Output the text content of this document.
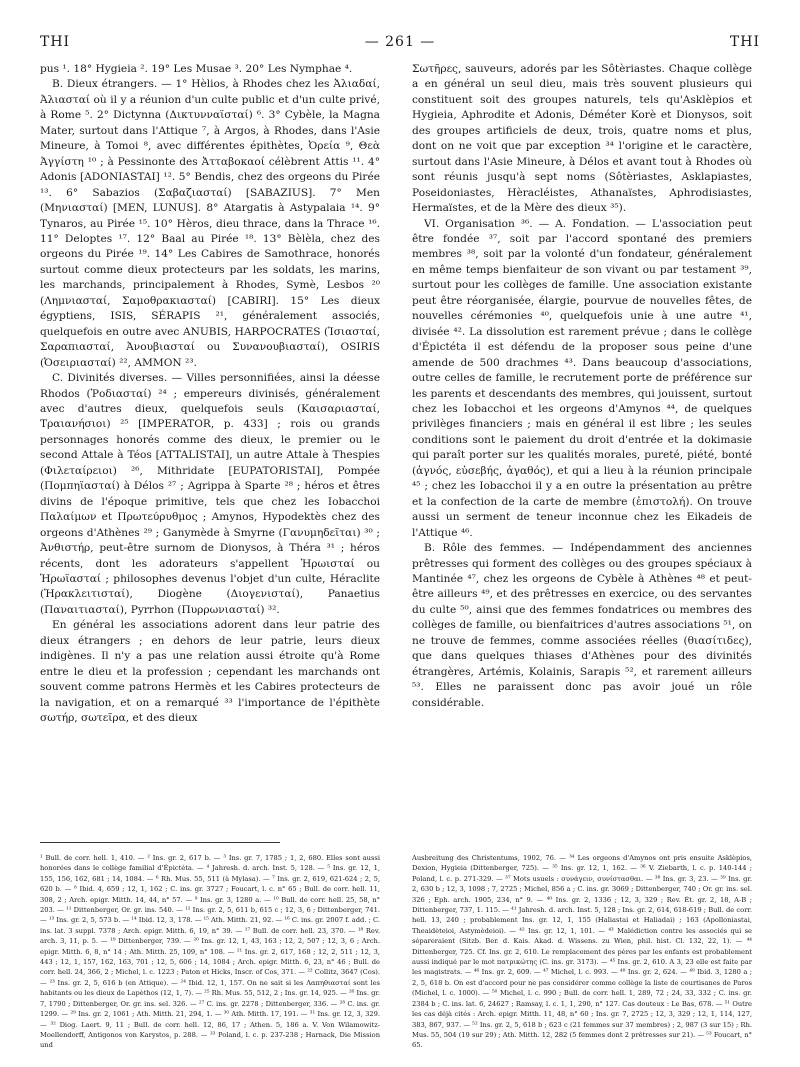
THI	— 261 —	THI

pus ¹. 18° Hygieia ². 19° Les Musae ³. 20° Les Nymphae ⁴.

B. Dieux étrangers. — 1° Hèlios, à Rhodes chez les Ἀλιαδαί, Ἀλιασταί où il y a réunion d'un culte public et d'un culte privé, à Rome ⁵. 2° Dictynna (Δικτυνναϊσταί) ⁶. 3° Cybèle, la Magna Mater, surtout dans l'Attique ⁷, à Argos, à Rhodes, dans l'Asie Mineure, à Tomoi ⁸, avec différentes épithètes, Ὀρεία ⁹, Θεὰ Ἀγγίστη ¹⁰ ; à Pessinonte des Ἀτταβοκαοί célèbrent Attis ¹¹. 4° Adonis [ADONIASTAI] ¹². 5° Bendis, chez des orgeons du Pirée ¹³. 6° Sabazios (Σαβαζιασταί) [SABAZIUS]. 7° Men (Μηνιασταί) [MEN, LUNUS]. 8° Atargatis à Astypalaia ¹⁴. 9° Tynaros, au Pirée ¹⁵. 10° Hèros, dieu thrace, dans la Thrace ¹⁶. 11° Deloptes ¹⁷. 12° Baal au Pirée ¹⁸. 13° Bèlèla, chez des orgeons du Pirée ¹⁹. 14° Les Cabires de Samothrace, honorés surtout comme dieux protecteurs par les soldats, les marins, les marchands, principalement à Rhodes, Symè, Lesbos ²⁰ (Λημνιασταί, Σαμοθρακιασταί) [CABIRI]. 15° Les dieux égyptiens, ISIS, SÉRAPIS ²¹, généralement associés, quelquefois en outre avec ANUBIS, HARPOCRATES (Ἰσιασταί, Σαραπιασταί, Ἀνουβιασταί ou Συνανουβιασταί), OSIRIS (Ὀσειριασταί) ²², AMMON ²³.

C. Divinités diverses. — Villes personnifiées, ainsi la déesse Rhodos (Ῥοδιασταί) ²⁴ ; empereurs divinisés, généralement avec d'autres dieux, quelquefois seuls (Καισαριασταί, Τραιανήσιοι) ²⁵ [IMPERATOR, p. 433] ; rois ou grands personnages honorés comme des dieux, le premier ou le second Attale à Téos [ATTALISTAI], un autre Attale à Thespies (Φιλεταίρειοι) ²⁶, Mithridate [EUPATORISTAI], Pompée (Πομπηϊασταί) à Délos ²⁷ ; Agrippa à Sparte ²⁸ ; héros et êtres divins de l'époque primitive, tels que chez les Iobacchoi Παλαίμων et Πρωτεύρυθμος ; Amynos, Hypodektès chez des orgeons d'Athènes ²⁹ ; Ganymède à Smyrne (Γανυμηδεῖται) ³⁰ ; Ἀνθιστήρ, peut-être surnom de Dionysos, à Théra ³¹ ; héros récents, dont les adorateurs s'appellent Ἡρωισταί ou Ἡρωϊασταί ; philosophes devenus l'objet d'un culte, Héraclite (Ἡρακλειτισταί), Diogène (Διογενισταί), Panaetius (Παναιτιασταί), Pyrrhon (Πυρρωνιασταί) ³².

En général les associations adorent dans leur patrie des dieux étrangers ; en dehors de leur patrie, leurs dieux indigènes. Il n'y a pas une relation aussi étroite qu'à Rome entre le dieu et la profession ; cependant les marchands ont souvent comme patrons Hermès et les Cabires protecteurs de la navigation, et on a remarqué ³³ l'importance de l'épithète σωτήρ, σωτεῖρα, et des dieux

Σωτῆρες, sauveurs, adorés par les Sôtèriastes. Chaque collège a en général un seul dieu, mais très souvent plusieurs qui constituent soit des groupes naturels, tels qu'Asklèpios et Hygieia, Aphrodite et Adonis, Déméter Korè et Dionysos, soit des groupes artificiels de deux, trois, quatre noms et plus, dont on ne voit que par exception ³⁴ l'origine et le caractère, surtout dans l'Asie Mineure, à Délos et avant tout à Rhodes où sont réunis jusqu'à sept noms (Sôtèriastes, Asklapiastes, Poseidoniastes, Hèracléistes, Athanaïstes, Aphrodisiastes, Hermaïstes, et de la Mère des dieux ³⁵).

VI. Organisation ³⁶. — A. Fondation. — L'association peut être fondée ³⁷, soit par l'accord spontané des premiers membres ³⁸, soit par la volonté d'un fondateur, généralement en même temps bienfaiteur de son vivant ou par testament ³⁹, surtout pour les collèges de famille. Une association existante peut être réorganisée, élargie, pourvue de nouvelles fêtes, de nouvelles cérémonies ⁴⁰, quelquefois unie à une autre ⁴¹, divisée ⁴². La dissolution est rarement prévue ; dans le collège d'Épictéta il est défendu de la proposer sous peine d'une amende de 500 drachmes ⁴³. Dans beaucoup d'associations, outre celles de famille, le recrutement porte de préférence sur les parents et descendants des membres, qui jouissent, surtout chez les Iobacchoi et les orgeons d'Amynos ⁴⁴, de quelques privilèges financiers ; mais en général il est libre ; les seules conditions sont le paiement du droit d'entrée et la dokimasie qui paraît porter sur les qualités morales, pureté, piété, bonté (ἁγνός, εὐσεβής, ἀγαθός), et qui a lieu à la réunion principale ⁴⁵ ; chez les Iobacchoi il y a en outre la présentation au prêtre et la confection de la carte de membre (ἐπιστολή). On trouve aussi un serment de teneur inconnue chez les Eikadeis de l'Attique ⁴⁶.

B. Rôle des femmes. — Indépendamment des anciennes prêtresses qui forment des collèges ou des groupes spéciaux à Mantinée ⁴⁷, chez les orgeons de Cybèle à Athènes ⁴⁸ et peut-être ailleurs ⁴⁹, et des prêtresses en exercice, ou des servantes du culte ⁵⁰, ainsi que des femmes fondatrices ou membres des collèges de famille, ou bienfaitrices d'autres associations ⁵¹, on ne trouve de femmes, comme associées réelles (θιασίτιδες), que dans quelques thiases d'Athènes pour des divinités étrangères, Artémis, Kolainis, Sarapis ⁵², et rarement ailleurs ⁵³. Elles ne paraissent donc pas avoir joué un rôle considérable.

¹ Bull. de corr. hell. 1, 410. — ² Ins. gr. 2, 617 b. — ³ Ins. gr. 7, 1785 ; 1, 2, 680. Elles sont aussi honorées dans le collège familial d'Épictéta. — ⁴ Jahresh. d. arch. Inst. 5, 128. — ⁵ Ins. gr. 12, 1, 155, 156, 162, 681 ; 14, 1084. — ⁶ Rh. Mus. 55, 511 (à Mylasa). — ⁷ Ins. gr. 2, 619, 621-624 ; 2, 5, 620 b. — ⁸ Ibid. 4, 659 ; 12, 1, 162 ; C. ins. gr. 3727 ; Foucart, l. c. n° 65 ; Bull. de corr. hell. 11, 308, 2 ; Arch. epigr. Mitth. 14, 44, n° 57. — ⁹ Ins. gr. 3, 1280 a. — ¹⁰ Bull. de corr. hell. 25, 58, n° 203. — ¹¹ Dittenberger, Or. gr. ins. 540. — ¹² Ins. gr. 2, 5, 611 b, 615 c ; 12, 3, 6 ; Dittenberger, 741. — ¹³ Ins. gr. 2, 5, 573 b. — ¹⁴ Ibid. 12, 3, 178. — ¹⁵ Ath. Mitth. 21, 92. — ¹⁶ C. ins. gr. 2007 f. add. ; C. ins. lat. 3 suppl. 7378 ; Arch. epigr. Mitth. 6, 19, n° 39. — ¹⁷ Bull. de corr. hell. 23, 370. — ¹⁸ Rev. arch. 3, 11, p. 5. — ¹⁹ Dittenberger, 739. — ²⁰ Ins. gr. 12, 1, 43, 163 ; 12, 2, 507 ; 12, 3, 6 ; Arch. epigr. Mitth. 6, 8, n° 14 ; Ath. Mitth. 25, 109, n° 108. — ²¹ Ins. gr. 2, 617, 168 ; 12, 2, 511 ; 12, 3, 443 ; 12, 1, 157, 162, 163, 701 ; 12, 5, 606 ; 14, 1084 ; Arch. epigr. Mitth. 6, 23, n° 46 ; Bull. de corr. hell. 24, 366, 2 ; Michel, l. c. 1223 ; Paton et Hicks, Inscr. of Cos, 371. — ²² Collitz, 3647 (Cos). — ²³ Ins. gr. 2, 5, 616 b (en Attique). — ²⁴ Ibid. 12, 1, 157. On ne sait si les Λαπηθιασταί sont les habitants ou les dieux de Lapèthos (12, 1, 7). — ²⁵ Rh. Mus. 55, 512, 2 ; Ins. gr. 14, 925. — ²⁶ Ins. gr. 7, 1790 ; Dittenberger, Or. gr. ins. sel. 326. — ²⁷ C. ins. gr. 2278 ; Dittenberger, 336. — ²⁸ C. ins. gr. 1299. — ²⁹ Ins. gr. 2, 1061 ; Ath. Mitth. 21, 294, 1. — ³⁰ Ath. Mitth. 17, 191. — ³¹ Ins. gr. 12, 3, 329. — ³² Diog. Laert. 9, 11 ; Bull. de corr. hell. 12, 86, 17 ; Athen. 5, 186 a. V. Von Wilamowitz-Moellendorff, Antigonos von Karystos, p. 288. — ³³ Poland, l. c. p. 237-238 ; Harnack, Die Mission und

Ausbreitung des Christentums, 1902, 76. — ³⁴ Les orgeons d'Amynos ont pris ensuite Asklèpios, Dexion, Hygieia (Dittenberger, 725). — ³⁵ Ins. gr. 12, 1, 162. — ³⁶ V. Ziebarth, l. c. p. 140-144 ; Poland, l. c. p. 271-329. — ³⁷ Mots usuels : συνάγειν, συνίστασθαι. — ³⁸ Ins. gr. 3, 23. — ³⁹ Ins. gr. 2, 630 b ; 12, 3, 1098 ; 7, 2725 ; Michel, 856 a ; C. ins. gr. 3069 ; Dittenberger, 740 ; Or. gr. ins. sel. 326 ; Eph. arch. 1905, 234, n° 9. — ⁴⁰ Ins. gr. 2, 1336 ; 12, 3, 329 ; Rev. Ét. gr. 2, 18, A-B ; Dittenberger, 737, 1. 115. — ⁴¹ Jahresh. d. arch. Inst. 5, 128 ; Ins. gr. 2, 614, 618-619 ; Bull. de corr. hell. 13, 240 ; probablement Ins. gr. 12, 1, 155 (Haliastai et Haliadai) ; 163 (Apolloniastai, Theaidèteioi, Astymèdeioi). — ⁴² Ins. gr. 12, 1, 101. — ⁴³ Malédiction contre les associés qui se sépareraient (Sitzb. Ber. d. Kais. Akad. d. Wissens. zu Wien, phil. hist. Cl. 132, 22, 1). — ⁴⁴ Dittenberger, 725. Cf. Ins. gr. 2, 610. Le remplacement des pères par les enfants est probablement aussi indiqué par le mot πατρικώτης (C. ins. gr. 3173). — ⁴⁵ Ins. gr. 2, 610. A 3, 23 elle est faite par les magistrats. — ⁴⁶ Ins. gr. 2, 609. — ⁴⁷ Michel, l. c. 993. — ⁴⁸ Ins. gr. 2, 624. — ⁴⁹ Ibid. 3, 1280 a ; 2, 5, 618 b. On est d'accord pour ne pas considérer comme collège la liste de courtisanes de Paros (Michel, l. c. 1000). — ⁵⁰ Michel, l. c. 990 ; Bull. de corr. hell. 1, 289, 72 ; 24, 33, 332 ; C. ins. gr. 2384 b ; C. ins. lat. 6, 24627 ; Ramsay, l. c. 1, 1, 290, n° 127. Cas douteux : Le Bas, 678. — ⁵¹ Outre les cas déjà cités : Arch. epigr. Mitth. 11, 48, n° 60 ; Ins. gr. 7, 2725 ; 12, 3, 329 ; 12, 1, 114, 127, 383, 867, 937. — ⁵² Ins. gr. 2, 5, 618 b ; 623 c (21 femmes sur 37 membres) ; 2, 987 (3 sur 15) ; Rh. Mus. 55, 504 (19 sur 29) ; Ath. Mitth. 12, 282 (5 femmes dont 2 prêtresses sur 21). — ⁵³ Foucart, n° 65.
